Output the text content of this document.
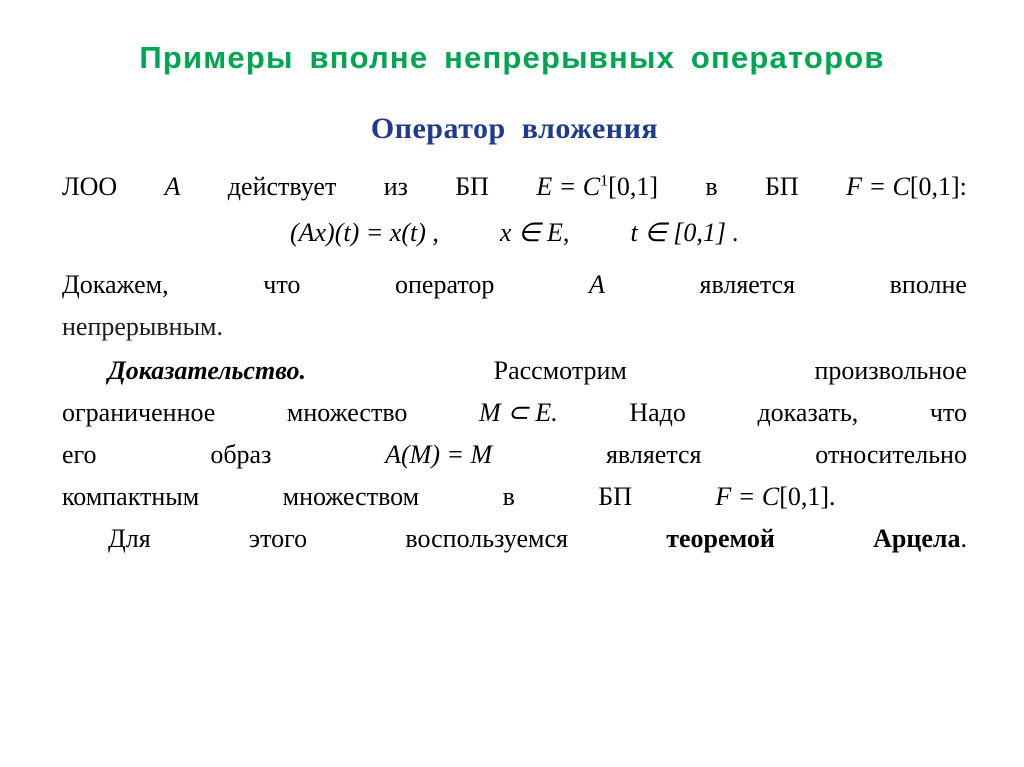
Примеры вполне непрерывных операторов
Оператор вложения
ЛОО A действует из БП $E = C^1[0,1]$ в БП F = C[0,1]:
(Ax)(t) = x(t) , x ∈ E, t ∈ [0,1] .
Докажем,	что	оператор	A	является	вполне
непрерывным.
Доказательство.	Рассмотрим	произвольное
ограниченное	множество	M ⊂ E.	Надо	доказать,	что
его	образ	A(M) = M	является	относительно
компактным	множеством	в	БП	F = C[0,1].
Для	этого	воспользуемся	теоремой	Арцела.
